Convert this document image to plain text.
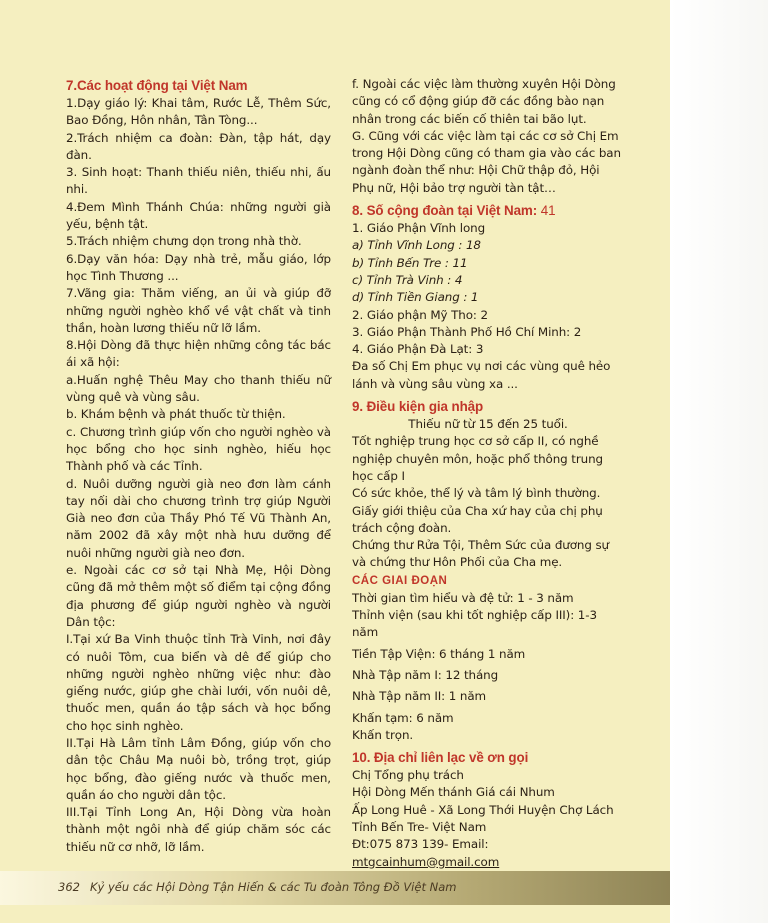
7.Các hoạt động tại Việt Nam

1.Dạy giáo lý: Khai tâm, Rước Lễ, Thêm Sức, Bao Đồng, Hôn nhân, Tân Tòng...

2.Trách nhiệm ca đoàn: Đàn, tập hát, dạy đàn.

3. Sinh hoạt: Thanh thiếu niên, thiếu nhi, ấu nhi.

4.Đem Mình Thánh Chúa: những người già yếu, bệnh tật.

5.Trách nhiệm chưng dọn trong nhà thờ.

6.Dạy văn hóa: Dạy nhà trẻ, mẫu giáo, lớp học Tình Thương ...

7.Vãng gia: Thăm viếng, an ủi và giúp đỡ những người nghèo khổ về vật chất và tinh thần, hoàn lương thiếu nữ lỡ lầm.

8.Hội Dòng đã thực hiện những công tác bác ái xã hội:

a.Huấn nghệ Thêu May cho thanh thiếu nữ vùng quê và vùng sâu.

b. Khám bệnh và phát thuốc từ thiện.

c. Chương trình giúp vốn cho người nghèo và học bổng cho học sinh nghèo, hiếu học Thành phố và các Tỉnh.

d. Nuôi dưỡng người già neo đơn làm cánh tay nối dài cho chương trình trợ giúp Người Già neo đơn của Thầy Phó Tế Vũ Thành An, năm 2002 đã xây một nhà hưu dưỡng để nuôi những người già neo đơn.

e. Ngoài các cơ sở tại Nhà Mẹ, Hội Dòng cũng đã mở thêm một số điểm tại cộng đồng địa phương để giúp người nghèo và người Dân tộc:

I.Tại xứ Ba Vinh thuộc tỉnh Trà Vinh, nơi đây có nuôi Tôm, cua biển và dê để giúp cho những người nghèo những việc như: đào giếng nước, giúp ghe chài lưới, vốn nuôi dê, thuốc men, quần áo tập sách và học bổng cho học sinh nghèo.

II.Tại Hà Lâm tỉnh Lâm Đồng, giúp vốn cho dân tộc Châu Mạ nuôi bò, trồng trọt, giúp học bổng, đào giếng nước và thuốc men, quần áo cho người dân tộc.

III.Tại Tỉnh Long An, Hội Dòng vừa hoàn thành một ngôi nhà để giúp chăm sóc các thiếu nữ cơ nhỡ, lỡ lầm.

f. Ngoài các việc làm thường xuyên Hội Dòng cũng có cổ động giúp đỡ các đồng bào nạn nhân trong các biến cố thiên tai bão lụt.

G. Cũng với các việc làm tại các cơ sở Chị Em trong Hội Dòng cũng có tham gia vào các ban ngành đoàn thể như: Hội Chữ thập đỏ, Hội Phụ nữ, Hội bảo trợ người tàn tật…

8. Số cộng đoàn tại Việt Nam: 41

1. Giáo Phận Vĩnh long

a) Tỉnh Vĩnh Long : 18

b) Tỉnh Bến Tre : 11

c) Tỉnh Trà Vinh : 4

d) Tỉnh Tiền Giang : 1

2. Giáo phận Mỹ Tho: 2

3. Giáo Phận Thành Phố Hồ Chí Minh: 2

4. Giáo Phận Đà Lạt: 3

Đa số Chị Em phục vụ nơi các vùng quê hẻo lánh và vùng sâu vùng xa ...

9. Điều kiện gia nhập

Thiếu nữ từ 15 đến 25 tuổi.

Tốt nghiệp trung học cơ sở cấp II, có nghề nghiệp chuyên môn, hoặc phổ thông trung học cấp I

Có sức khỏe, thể lý và tâm lý bình thường.

Giấy giới thiệu của Cha xứ hay của chị phụ trách cộng đoàn.

Chứng thư Rửa Tội, Thêm Sức của đương sự và chứng thư Hôn Phối của Cha mẹ.

CÁC GIAI ĐOẠN

Thời gian tìm hiểu và đệ tử: 1 - 3 năm

Thỉnh viện (sau khi tốt nghiệp cấp III): 1-3 năm

Tiền Tập Viện: 6 tháng 1 năm

Nhà Tập năm I: 12 tháng

Nhà Tập năm II: 1 năm

Khấn tạm: 6 năm

Khấn trọn.

10. Địa chỉ liên lạc về ơn gọi

Chị Tổng phụ trách

Hội Dòng Mến thánh Giá cái Nhum

Ấp Long Huê - Xã Long Thới Huyện Chợ Lách

Tỉnh Bến Tre- Việt Nam

Đt:075 873 139- Email:

mtgcainhum@gmail.com

362 Kỷ yếu các Hội Dòng Tận Hiến & các Tu đoàn Tông Đồ Việt Nam
